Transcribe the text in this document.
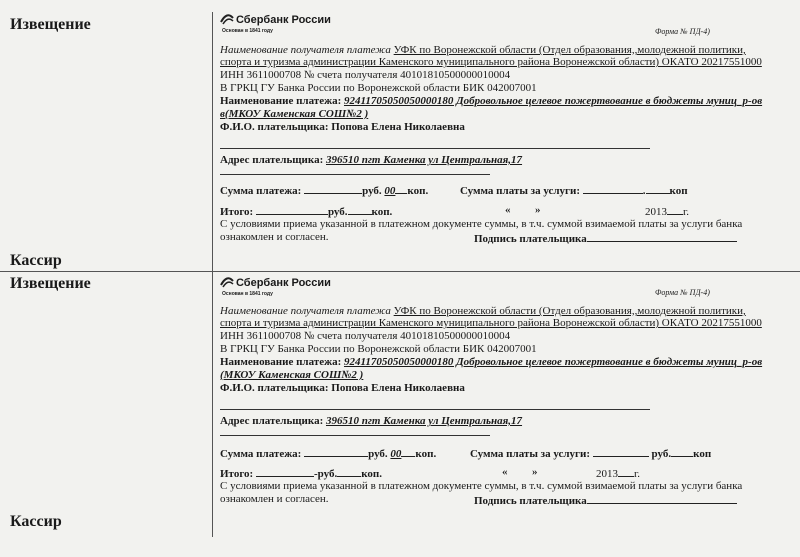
Извещение
Кассир
Сбербанк России
Основан в 1841 году	Форма № ПД-4)
Наименование получателя платежа УФК по Воронежской области (Отдел образования,,молодежной политики,
спорта и туризма администрации Каменского муниципального района Воронежской области) ОКАТО 20217551000
ИНН 3611000708 № счета получателя 40101810500000010004
В ГРКЦ ГУ Банка России по Воронежской области БИК 042007001
Наименование платежа: 92411705050050000180 Добровольное целевое пожертвование в бюджеты муниц_р-ов
в(МКОУ Каменская СОШ№2 )
Ф.И.О. плательщика: Попова Елена Николаевна
Адрес плательщика: 396510 пгт Каменка ул Центральная,17
Сумма платежа:	руб. 00 коп.	Сумма платы за услуги:	. коп
Итого:	руб. коп.	« »	2013 г.
С условиями приема указанной в платежном документе суммы, в т.ч. суммой взимаемой платы за услуги банка
ознакомлен и согласен.	Подпись плательщика
Извещение
Кассир
Сбербанк России
Основан в 1841 году	Форма № ПД-4)
Наименование получателя платежа УФК по Воронежской области (Отдел образования,,молодежной политики,
спорта и туризма администрации Каменского муниципального района Воронежской области) ОКАТО 20217551000
ИНН 3611000708 № счета получателя 40101810500000010004
В ГРКЦ ГУ Банка России по Воронежской области БИК 042007001
Наименование платежа: 92411705050050000180 Добровольное целевое пожертвование в бюджеты муниц_р-ов
(МКОУ Каменская СОШ№2 )
Ф.И.О. плательщика: Попова Елена Николаевна
Адрес плательщика: 396510 пгт Каменка ул Центральная,17
Сумма платежа:	руб. 00 коп.	Сумма платы за услуги:	руб. коп
Итого:	-руб. коп.	« »	2013 г.
С условиями приема указанной в платежном документе суммы, в т.ч. суммой взимаемой платы за услуги банка
ознакомлен и согласен.	Подпись плательщика
